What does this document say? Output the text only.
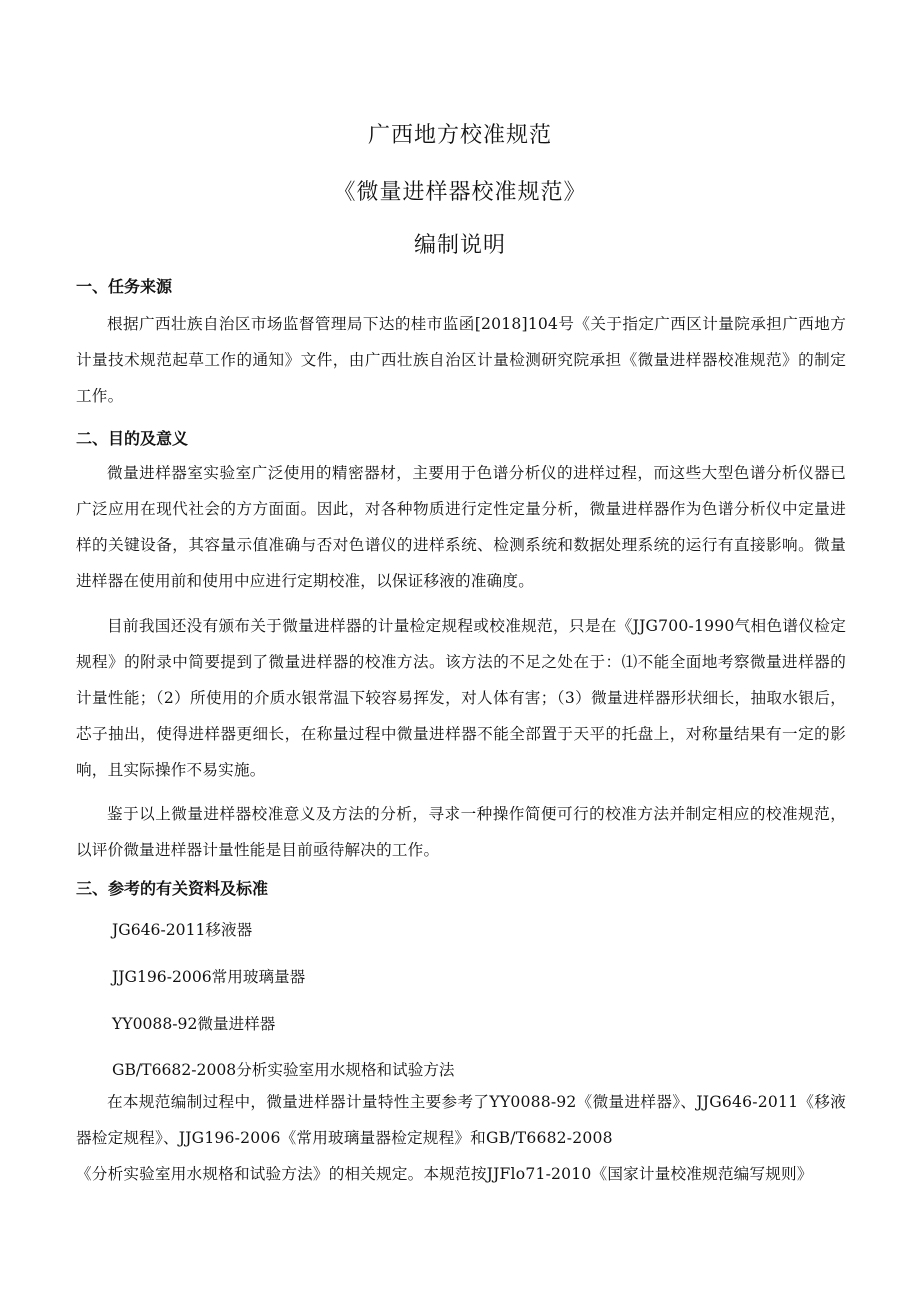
广西地方校准规范
《微量进样器校准规范》
编制说明
一、任务来源
根据广西壮族自治区市场监督管理局下达的桂市监函[2018]104号《关于指定广西区计量院承担广西地方计量技术规范起草工作的通知》文件，由广西壮族自治区计量检测研究院承担《微量进样器校准规范》的制定工作。
二、目的及意义
微量进样器室实验室广泛使用的精密器材，主要用于色谱分析仪的进样过程，而这些大型色谱分析仪器已广泛应用在现代社会的方方面面。因此，对各种物质进行定性定量分析，微量进样器作为色谱分析仪中定量进样的关键设备，其容量示值准确与否对色谱仪的进样系统、检测系统和数据处理系统的运行有直接影响。微量进样器在使用前和使用中应进行定期校准，以保证移液的准确度。
目前我国还没有颁布关于微量进样器的计量检定规程或校准规范，只是在《JJG700-1990气相色谱仪检定规程》的附录中简要提到了微量进样器的校准方法。该方法的不足之处在于：⑴不能全面地考察微量进样器的计量性能；（2）所使用的介质水银常温下较容易挥发，对人体有害；（3）微量进样器形状细长，抽取水银后，芯子抽出，使得进样器更细长，在称量过程中微量进样器不能全部置于天平的托盘上，对称量结果有一定的影响，且实际操作不易实施。
鉴于以上微量进样器校准意义及方法的分析，寻求一种操作简便可行的校准方法并制定相应的校准规范，以评价微量进样器计量性能是目前亟待解决的工作。
三、参考的有关资料及标准
JG646-2011移液器
JJG196-2006常用玻璃量器
YY0088-92微量进样器
GB/T6682-2008分析实验室用水规格和试验方法
在本规范编制过程中，微量进样器计量特性主要参考了YY0088-92《微量进样器》、JJG646-2011《移液器检定规程》、JJG196-2006《常用玻璃量器检定规程》和GB/T6682-2008
《分析实验室用水规格和试验方法》的相关规定。本规范按JJFlo71-2010《国家计量校准规范编写规则》
